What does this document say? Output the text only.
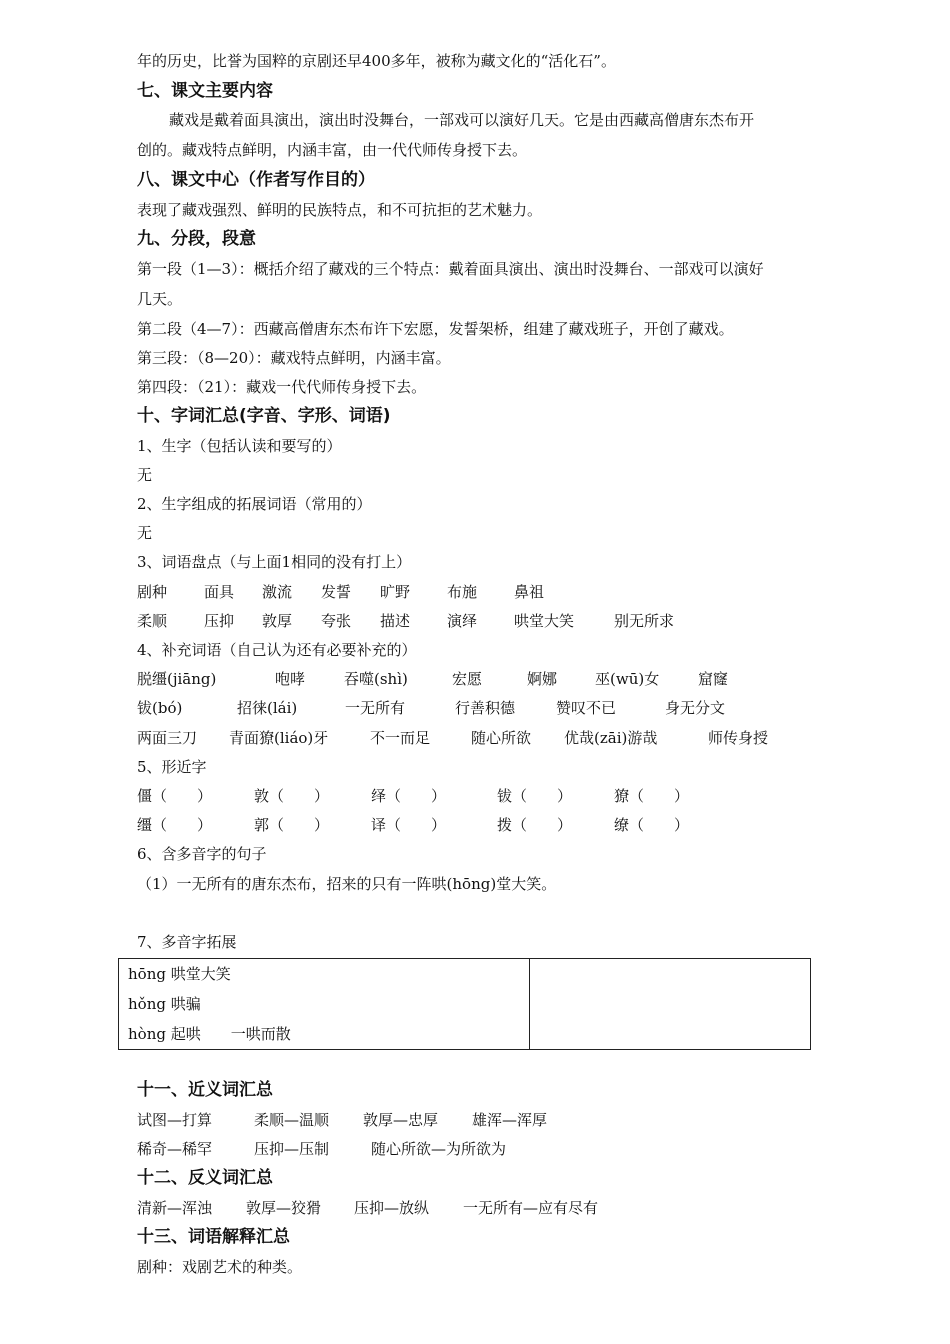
年的历史，比誉为国粹的京剧还早400多年，被称为藏文化的“活化石”。
七、课文主要内容
藏戏是戴着面具演出，演出时没舞台，一部戏可以演好几天。它是由西藏高僧唐东杰布开
创的。藏戏特点鲜明，内涵丰富，由一代代师传身授下去。
八、课文中心（作者写作目的）
表现了藏戏强烈、鲜明的民族特点，和不可抗拒的艺术魅力。
九、分段，段意
第一段（1—3）：概括介绍了藏戏的三个特点：戴着面具演出、演出时没舞台、一部戏可以演好
几天。
第二段（4—7）：西藏高僧唐东杰布许下宏愿，发誓架桥，组建了藏戏班子，开创了藏戏。
第三段：（8—20）：藏戏特点鲜明，内涵丰富。
第四段：（21）：藏戏一代代师传身授下去。
十、字词汇总(字音、字形、词语)
1、生字（包括认读和要写的）
无
2、生字组成的拓展词语（常用的）
无
3、词语盘点（与上面1相同的没有打上）
剧种 面具 激流 发誓 旷野 布施 鼻祖
柔顺 压抑 敦厚 夸张 描述 演绎 哄堂大笑	别无所求
4、补充词语（自己认为还有必要补充的）
脱缰(jiāng)	咆哮	吞噬(shì)	宏愿	婀娜	巫(wū)女	窟窿
钹(bó)	招徕(lái)	一无所有	行善积德	赞叹不已	身无分文
两面三刀 青面獠(liáo)牙	不一而足	随心所欲 优哉(zāi)游哉	师传身授
5、形近字
僵（　　）	敦（　　）	绎（　　）	钹（　　）	獠（　　）
缰（　　）	郭（　　）	译（　　）	拨（　　）	缭（　　）
6、含多音字的句子
（1）一无所有的唐东杰布，招来的只有一阵哄(hōng)堂大笑。
7、多音字拓展
hōng 哄堂大笑
hǒng 哄骗
hòng 起哄　　一哄而散

十一、近义词汇总
试图—打算	柔顺—温顺 敦厚—忠厚 雄浑—浑厚
稀奇—稀罕	压抑—压制	随心所欲—为所欲为
十二、反义词汇总
清新—浑浊 敦厚—狡猾 压抑—放纵 一无所有—应有尽有
十三、词语解释汇总
剧种：戏剧艺术的种类。
